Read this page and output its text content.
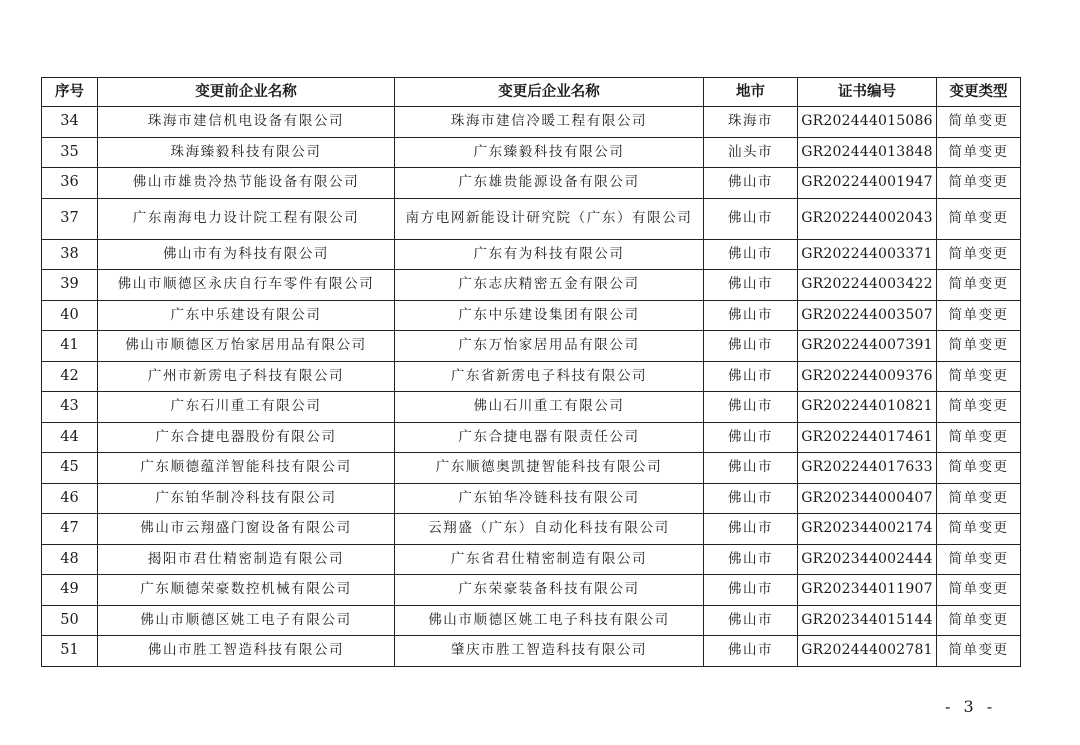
序号	变更前企业名称	变更后企业名称	地市	证书编号	变更类型
34	珠海市建信机电设备有限公司	珠海市建信冷暖工程有限公司	珠海市	GR202444015086	简单变更
35	珠海臻毅科技有限公司	广东臻毅科技有限公司	汕头市	GR202444013848	简单变更
36	佛山市雄贵冷热节能设备有限公司	广东雄贵能源设备有限公司	佛山市	GR202244001947	简单变更
37	广东南海电力设计院工程有限公司	南方电网新能设计研究院（广东）有限公司	佛山市	GR202244002043	简单变更
38	佛山市有为科技有限公司	广东有为科技有限公司	佛山市	GR202244003371	简单变更
39	佛山市顺德区永庆自行车零件有限公司	广东志庆精密五金有限公司	佛山市	GR202244003422	简单变更
40	广东中乐建设有限公司	广东中乐建设集团有限公司	佛山市	GR202244003507	简单变更
41	佛山市顺德区万怡家居用品有限公司	广东万怡家居用品有限公司	佛山市	GR202244007391	简单变更
42	广州市新雳电子科技有限公司	广东省新雳电子科技有限公司	佛山市	GR202244009376	简单变更
43	广东石川重工有限公司	佛山石川重工有限公司	佛山市	GR202244010821	简单变更
44	广东合捷电器股份有限公司	广东合捷电器有限责任公司	佛山市	GR202244017461	简单变更
45	广东顺德蕴洋智能科技有限公司	广东顺德奥凯捷智能科技有限公司	佛山市	GR202244017633	简单变更
46	广东铂华制冷科技有限公司	广东铂华冷链科技有限公司	佛山市	GR202344000407	简单变更
47	佛山市云翔盛门窗设备有限公司	云翔盛（广东）自动化科技有限公司	佛山市	GR202344002174	简单变更
48	揭阳市君仕精密制造有限公司	广东省君仕精密制造有限公司	佛山市	GR202344002444	简单变更
49	广东顺德荣豪数控机械有限公司	广东荣豪装备科技有限公司	佛山市	GR202344011907	简单变更
50	佛山市顺德区姚工电子有限公司	佛山市顺德区姚工电子科技有限公司	佛山市	GR202344015144	简单变更
51	佛山市胜工智造科技有限公司	肇庆市胜工智造科技有限公司	佛山市	GR202444002781	简单变更
- 3 -
